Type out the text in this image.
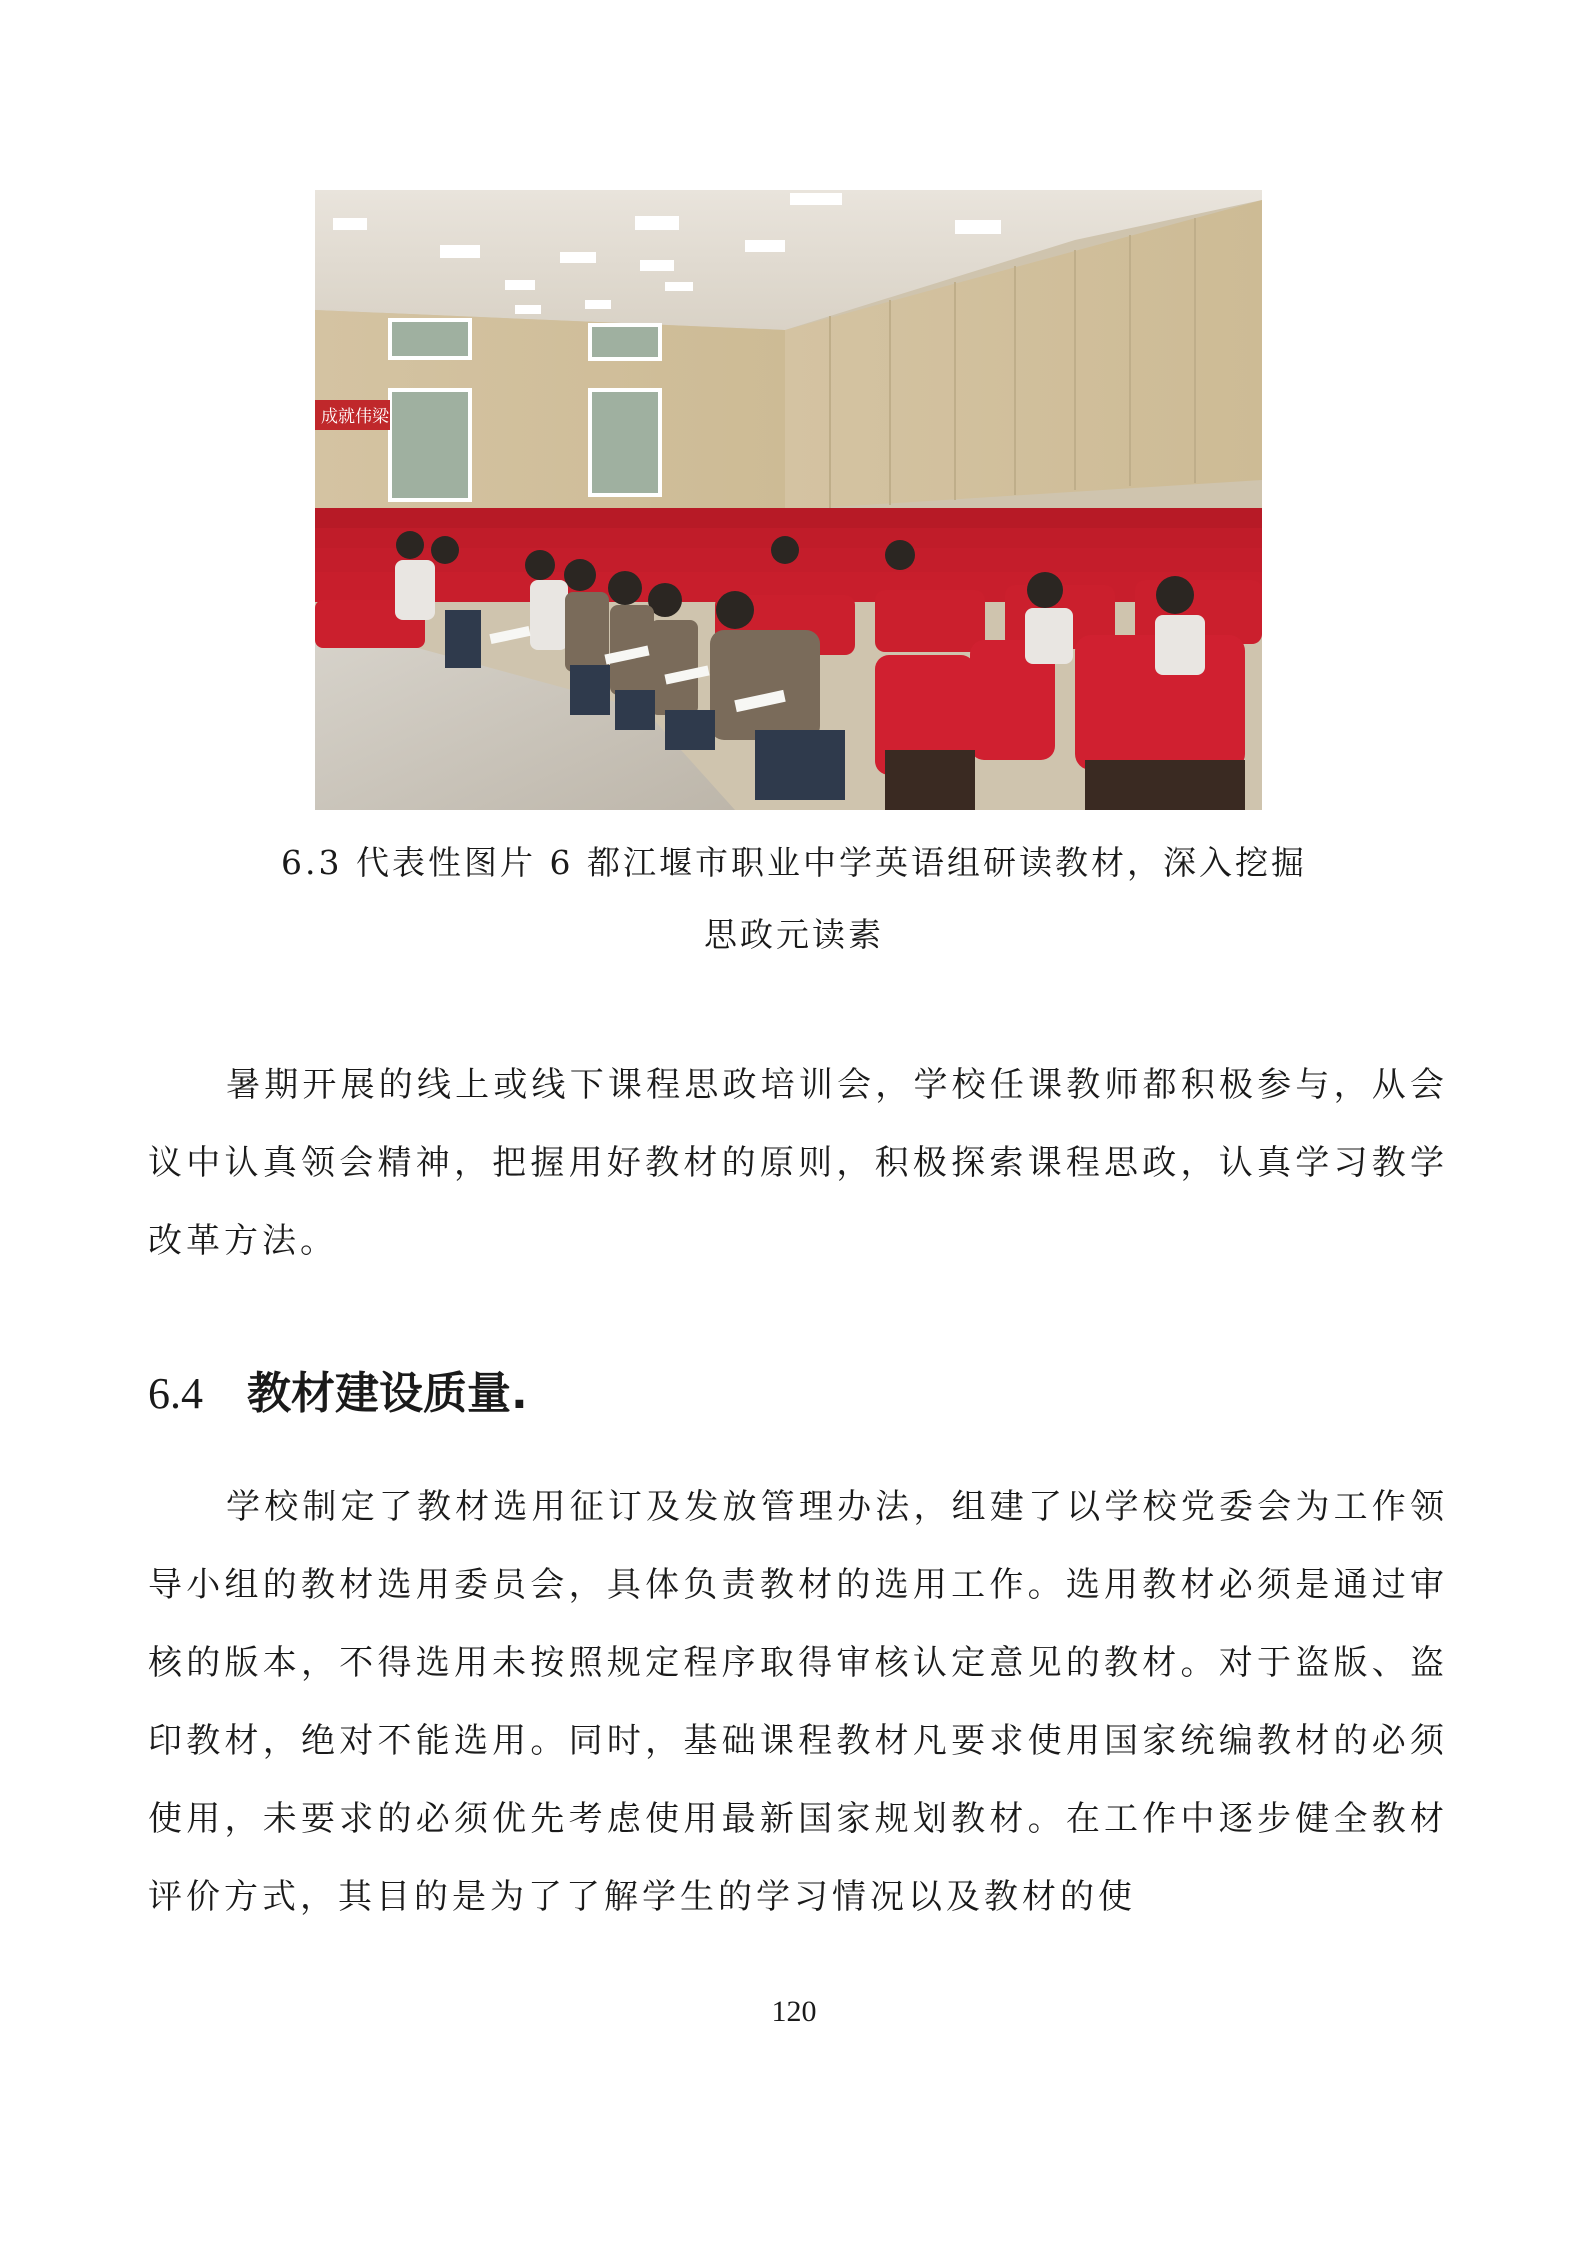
成就伟梁
6.3 代表性图片 6 都江堰市职业中学英语组研读教材，深入挖掘
思政元读素

暑期开展的线上或线下课程思政培训会，学校任课教师都积极参与，从会议中认真领会精神，把握用好教材的原则，积极探索课程思政，认真学习教学改革方法。

6.4 教材建设质量.

学校制定了教材选用征订及发放管理办法，组建了以学校党委会为工作领导小组的教材选用委员会，具体负责教材的选用工作。选用教材必须是通过审核的版本，不得选用未按照规定程序取得审核认定意见的教材。对于盗版、盗印教材，绝对不能选用。同时，基础课程教材凡要求使用国家统编教材的必须使用，未要求的必须优先考虑使用最新国家规划教材。在工作中逐步健全教材评价方式，其目的是为了了解学生的学习情况以及教材的使

120
